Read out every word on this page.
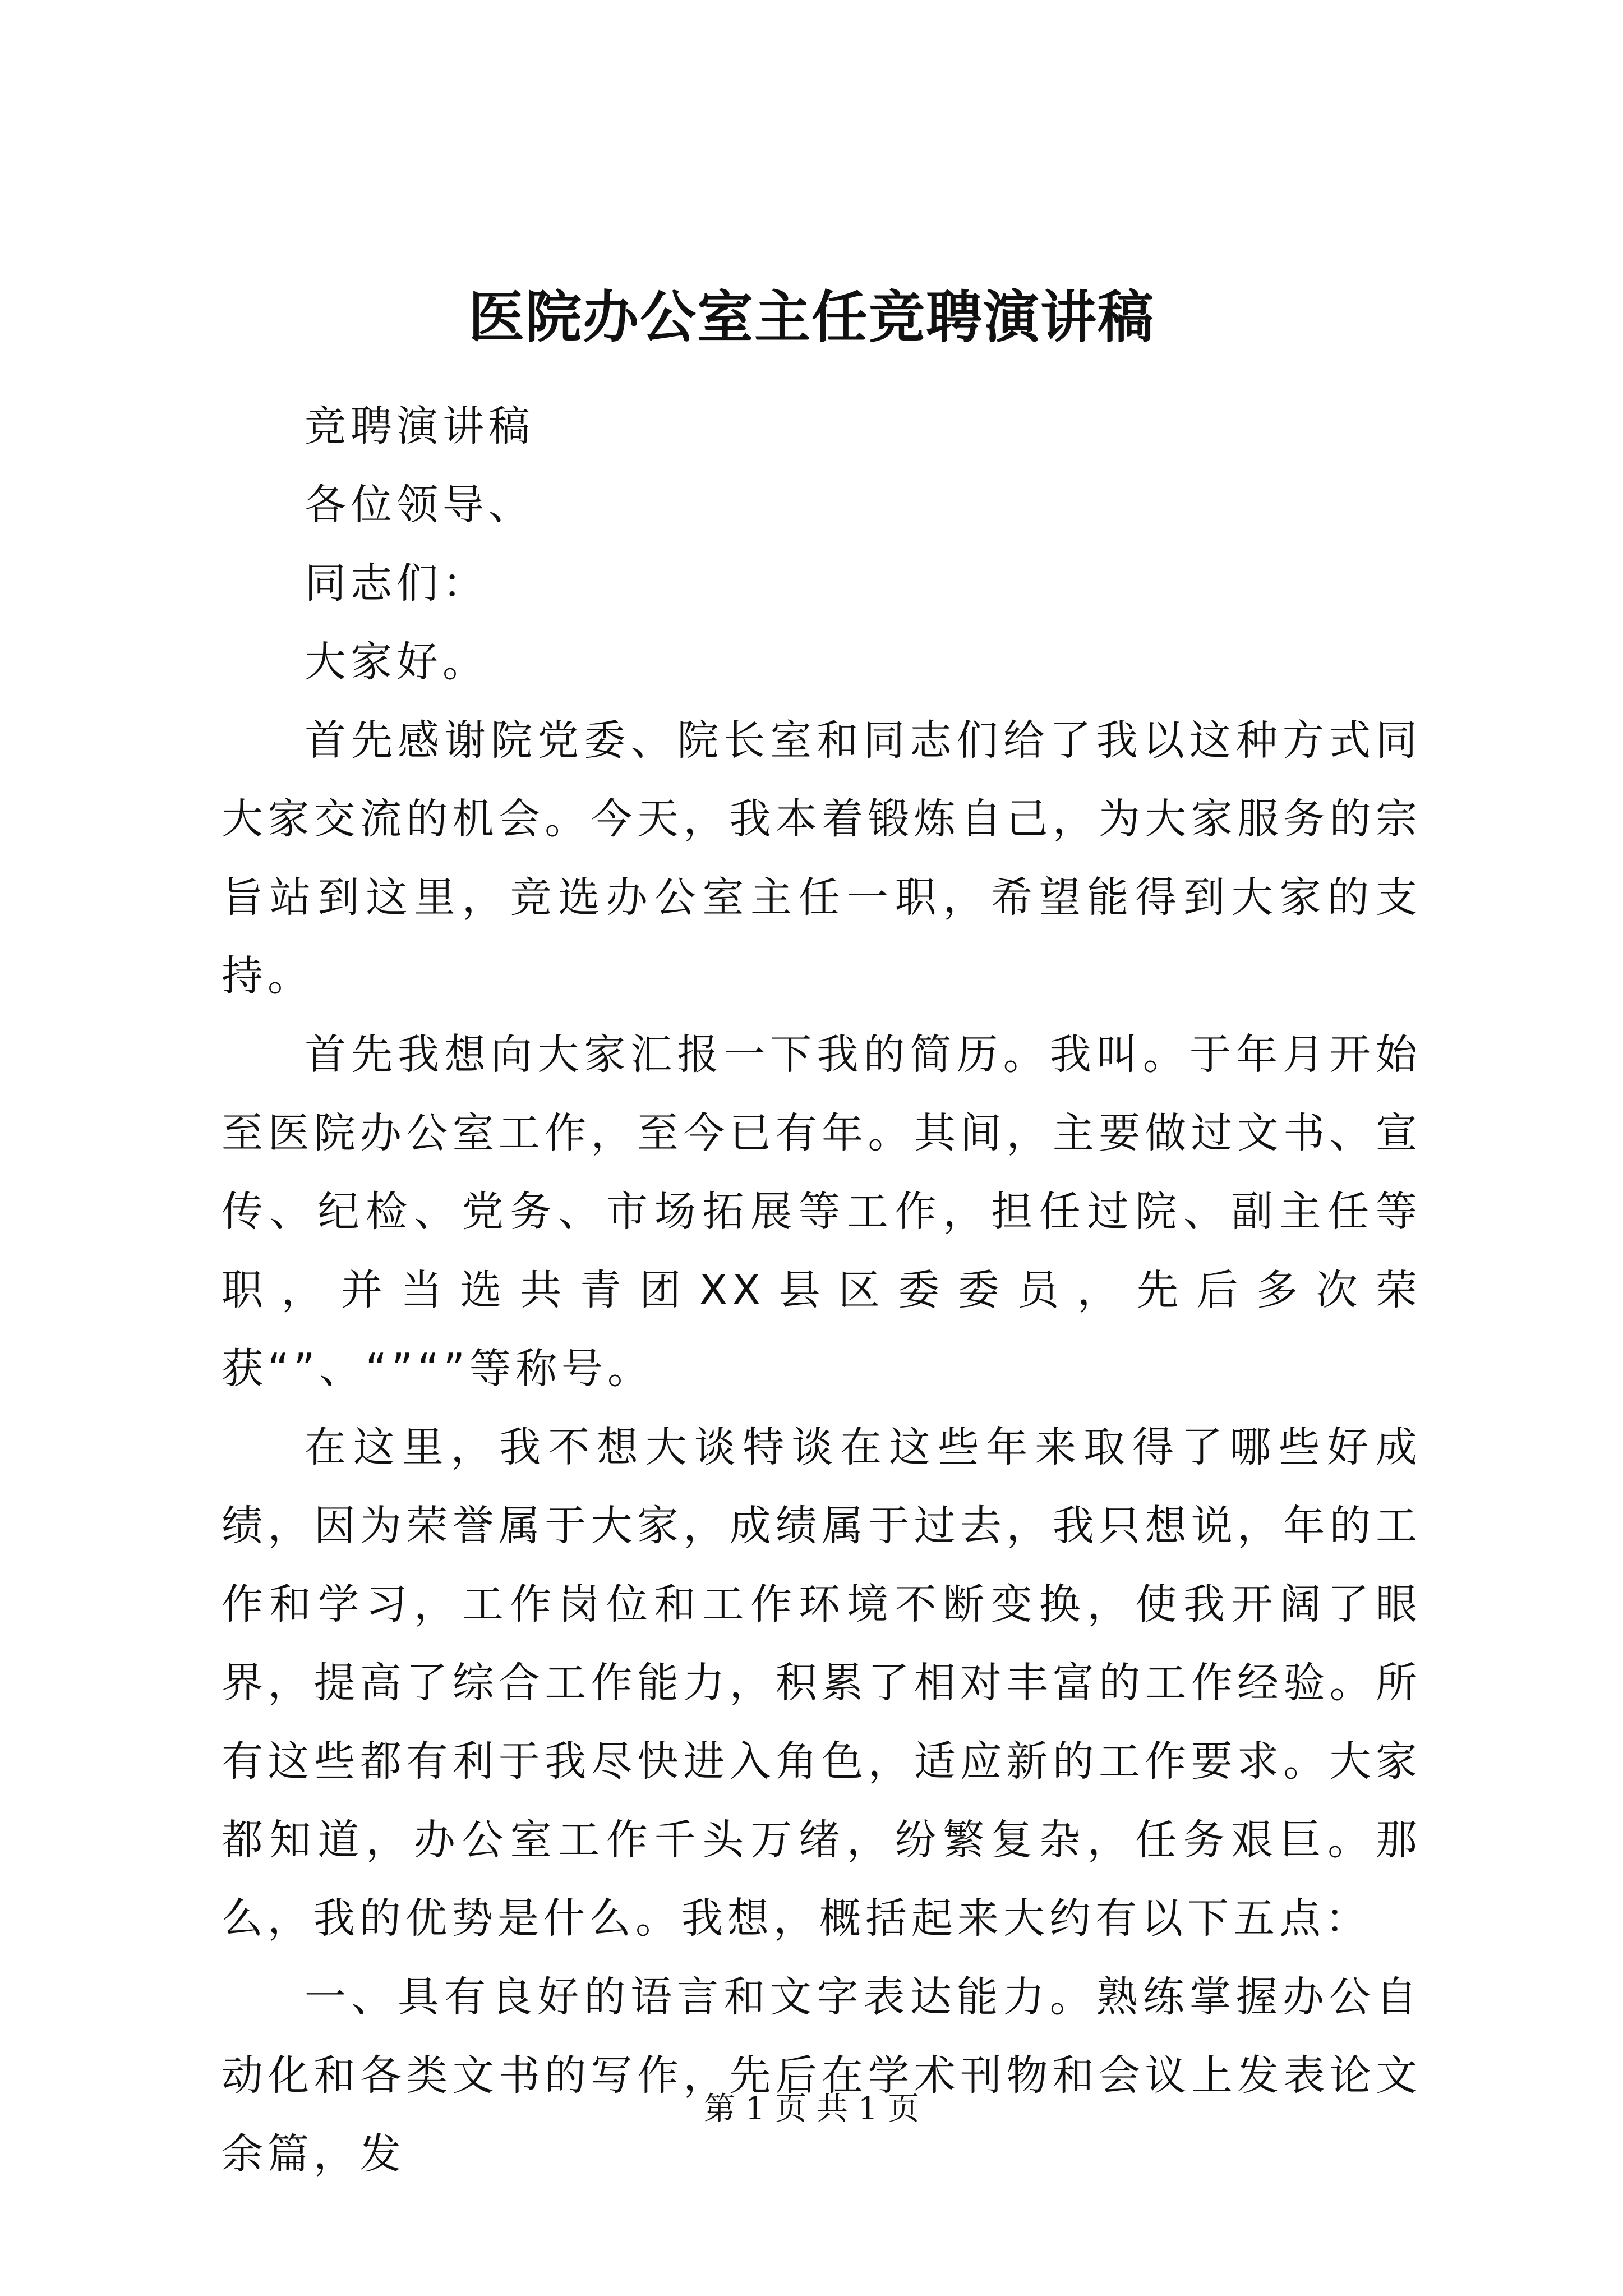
医院办公室主任竞聘演讲稿

竞聘演讲稿

各位领导、

同志们：

大家好。

首先感谢院党委、院长室和同志们给了我以这种方式同大家交流的机会。今天，我本着锻炼自己，为大家服务的宗旨站到这里，竞选办公室主任一职，希望能得到大家的支持。

首先我想向大家汇报一下我的简历。我叫。于年月开始至医院办公室工作，至今已有年。其间，主要做过文书、宣传、纪检、党务、市场拓展等工作，担任过院、副主任等职，并当选共青团XX县区委委员，先后多次荣获“”、“”“”等称号。

在这里，我不想大谈特谈在这些年来取得了哪些好成绩，因为荣誉属于大家，成绩属于过去，我只想说，年的工作和学习，工作岗位和工作环境不断变换，使我开阔了眼界，提高了综合工作能力，积累了相对丰富的工作经验。所有这些都有利于我尽快进入角色，适应新的工作要求。大家都知道，办公室工作千头万绪，纷繁复杂，任务艰巨。那么，我的优势是什么。我想，概括起来大约有以下五点：

一、具有良好的语言和文字表达能力。熟练掌握办公自动化和各类文书的写作，先后在学术刊物和会议上发表论文余篇，发

第 1 页 共 1 页
